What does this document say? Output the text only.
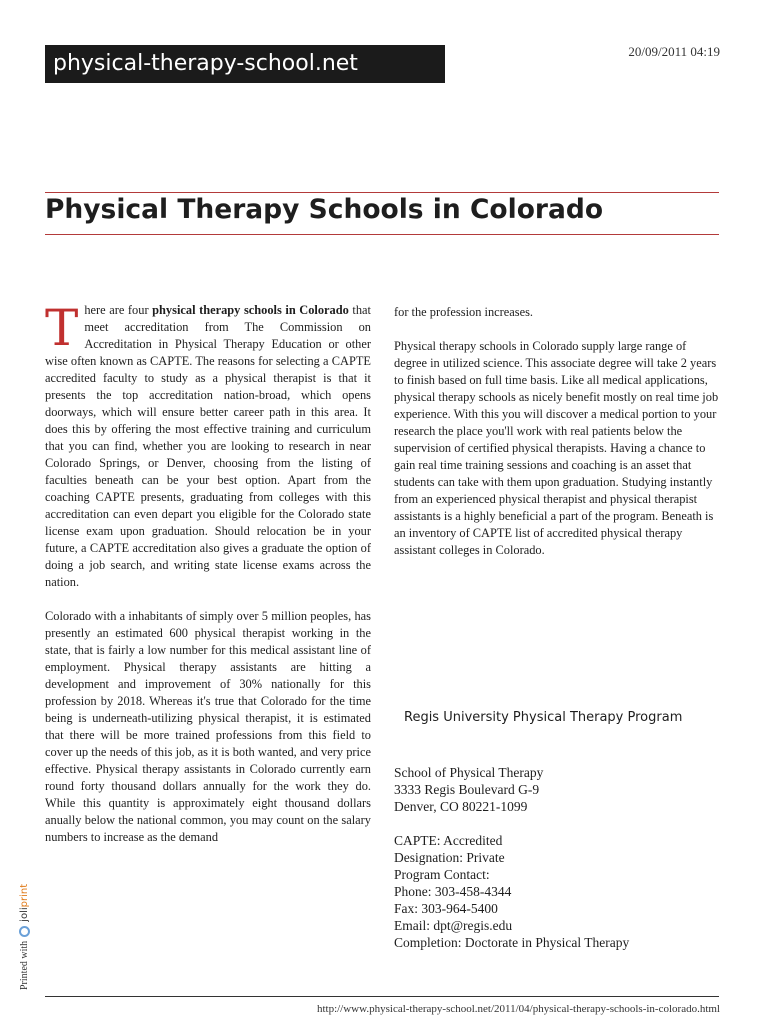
physical-therapy-school.net	20/09/2011 04:19
Physical Therapy Schools in Colorado

There are four physical therapy schools in Colorado that meet accreditation from The Commission on Accreditation in Physical Therapy Education or other wise often known as CAPTE. The reasons for selecting a CAPTE accredited faculty to study as a physical therapist is that it presents the top accreditation nation-broad, which opens doorways, which will ensure better career path in this area. It does this by offering the most effective training and curriculum that you can find, whether you are looking to research in near Colorado Springs, or Denver, choosing from the listing of faculties beneath can be your best option. Apart from the coaching CAPTE presents, graduating from colleges with this accreditation can even depart you eligible for the Colorado state license exam upon graduation. Should relocation be in your future, a CAPTE accreditation also gives a graduate the option of doing a job search, and writing state license exams across the nation.

Colorado with a inhabitants of simply over 5 million peoples, has presently an estimated 600 physical therapist working in the state, that is fairly a low number for this medical assistant line of employment. Physical therapy assistants are hitting a development and improvement of 30% nationally for this profession by 2018. Whereas it's true that Colorado for the time being is underneath-utilizing physical therapist, it is estimated that there will be more trained professions from this field to cover up the needs of this job, as it is both wanted, and very price effective. Physical therapy assistants in Colorado currently earn round forty thousand dollars annually for the work they do. While this quantity is approximately eight thousand dollars anually below the national common, you may count on the salary numbers to increase as the demand

for the profession increases.

Physical therapy schools in Colorado supply large range of degree in utilized science. This associate degree will take 2 years to finish based on full time basis. Like all medical applications, physical therapy schools as nicely benefit mostly on real time job experience. With this you will discover a medical portion to your research the place you'll work with real patients below the supervision of certified physical therapists. Having a chance to gain real time training sessions and coaching is an asset that students can take with them upon graduation. Studying instantly from an experienced physical therapist and physical therapist assistants is a highly beneficial a part of the program. Beneath is an inventory of CAPTE list of accredited physical therapy assistant colleges in Colorado.

Regis University Physical Therapy Program
School of Physical Therapy
3333 Regis Boulevard G-9
Denver, CO 80221-1099
CAPTE: Accredited
Designation: Private
Program Contact:
Phone: 303-458-4344
Fax: 303-964-5400
Email: dpt@regis.edu
Completion: Doctorate in Physical Therapy
Printed with
joliprint
http://www.physical-therapy-school.net/2011/04/physical-therapy-schools-in-colorado.html
